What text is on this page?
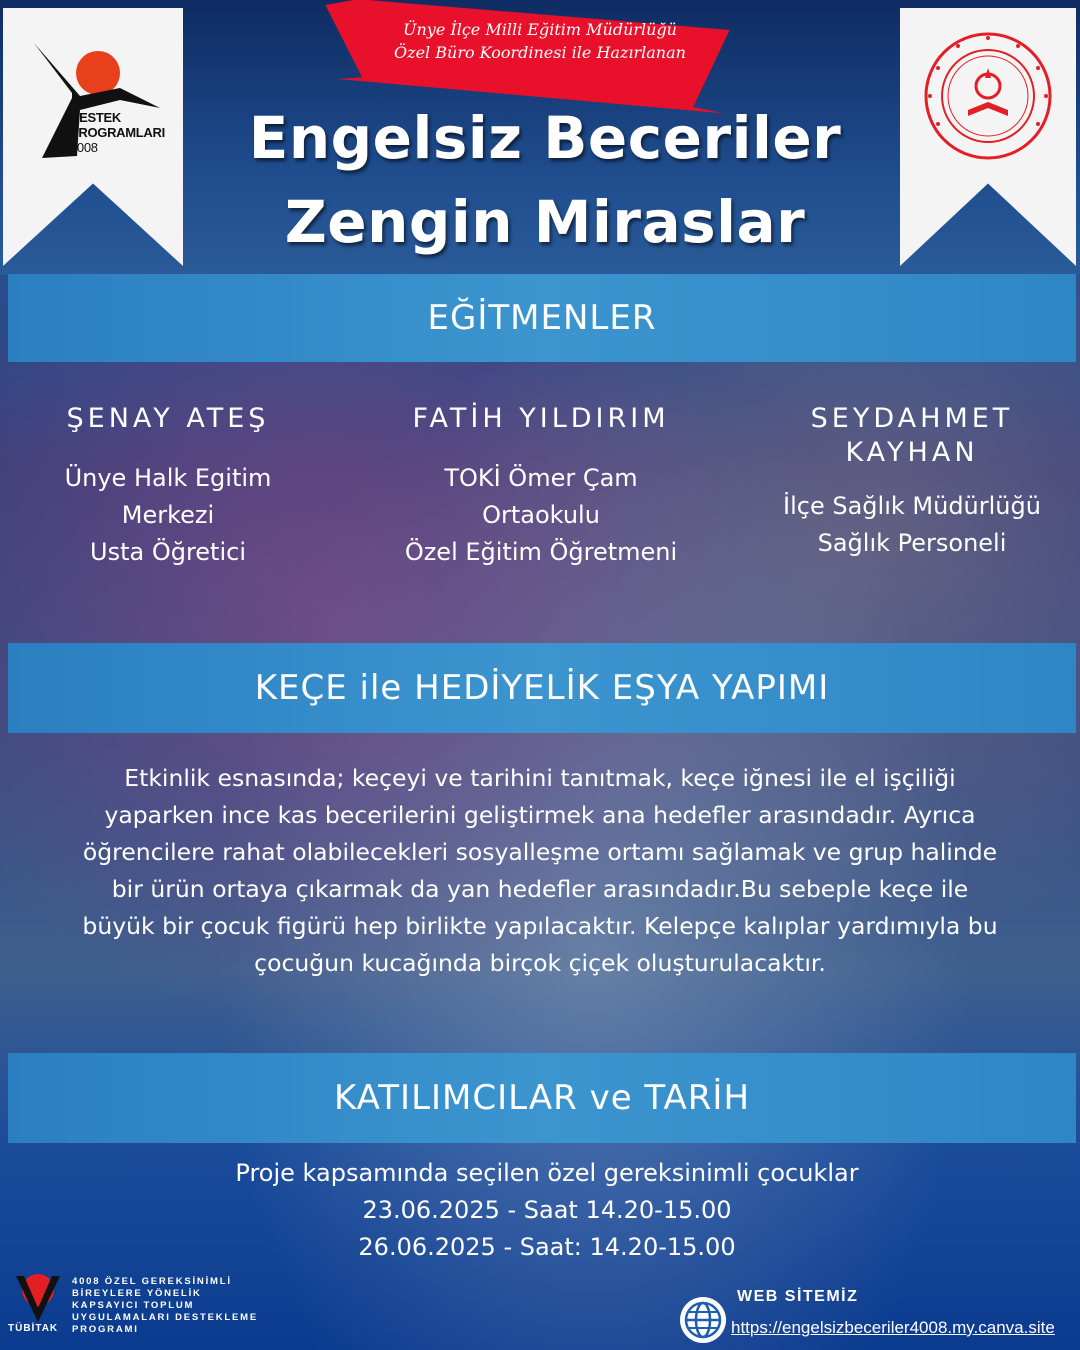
DESTEK
PROGRAMLARI
4008
Ünye İlçe Milli Eğitim Müdürlüğü
Özel Büro Koordinesi ile Hazırlanan
Engelsiz Beceriler
Zengin Miraslar
EĞİTMENLER
ŞENAY ATEŞ
Ünye Halk Egitim
Merkezi
Usta Öğretici
FATİH YILDIRIM
TOKİ Ömer Çam
Ortaokulu
Özel Eğitim Öğretmeni
SEYDAHMET
KAYHAN
İlçe Sağlık Müdürlüğü
Sağlık Personeli
KEÇE ile HEDİYELİK EŞYA YAPIMI
Etkinlik esnasında; keçeyi ve tarihini tanıtmak, keçe iğnesi ile el işçiliği
yaparken ince kas becerilerini geliştirmek ana hedefler arasındadır. Ayrıca
öğrencilere rahat olabilecekleri sosyalleşme ortamı sağlamak ve grup halinde
bir ürün ortaya çıkarmak da yan hedefler arasındadır.Bu sebeple keçe ile
büyük bir çocuk figürü hep birlikte yapılacaktır. Kelepçe kalıplar yardımıyla bu
çocuğun kucağında birçok çiçek oluşturulacaktır.
KATILIMCILAR ve TARİH
Proje kapsamında seçilen özel gereksinimli çocuklar
23.06.2025 - Saat 14.20-15.00
26.06.2025 - Saat: 14.20-15.00
TÜBİTAK
4008 ÖZEL GEREKSİNİMLİ
BİREYLERE YÖNELİK
KAPSAYICI TOPLUM
UYGULAMALARI DESTEKLEME
PROGRAMI
WEB SİTEMİZ
https://engelsizbeceriler4008.my.canva.site
